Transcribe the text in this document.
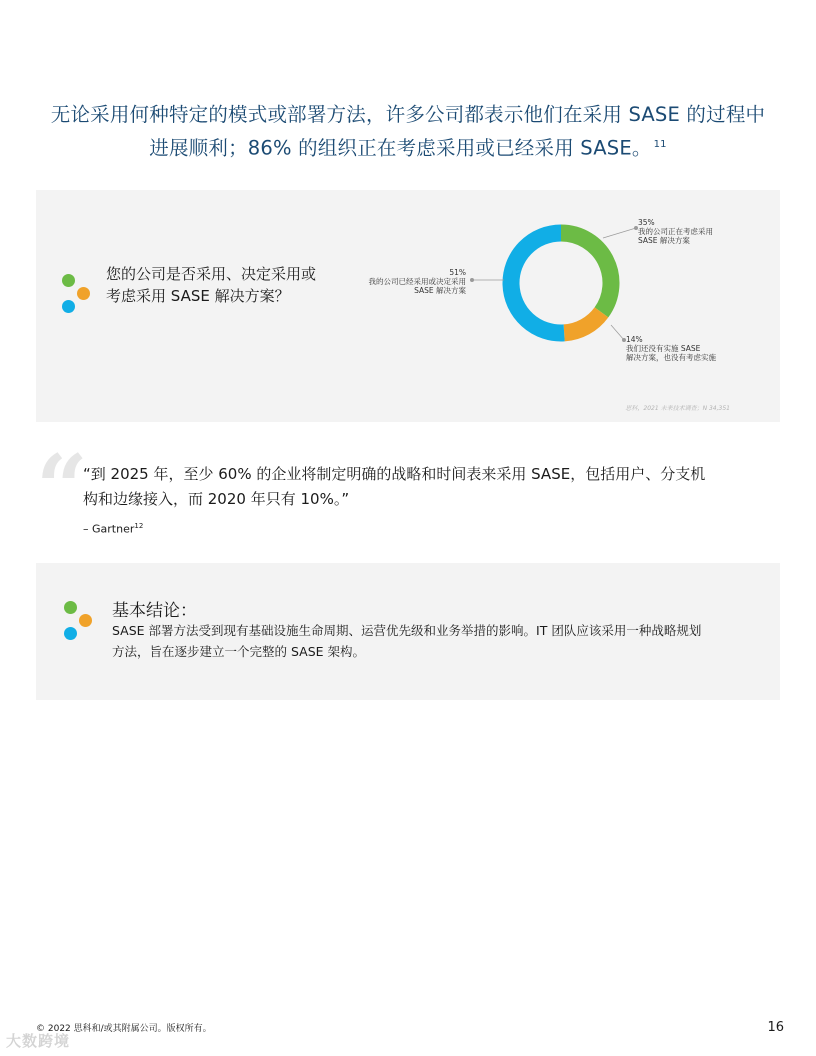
无论采用何种特定的模式或部署方法，许多公司都表示他们在采用 SASE 的过程中
进展顺利；86% 的组织正在考虑采用或已经采用 SASE。 $^{11}$
您的公司是否采用、决定采用或
考虑采用 SASE 解决方案？
35%
我的公司正在考虑采用
SASE 解决方案
51%
我的公司已经采用或决定采用
SASE 解决方案
14%
我们还没有实施 SASE
解决方案，也没有考虑实施
思科，2021 未来技术调查；N 34,351
“
“到 2025 年，至少 60% 的企业将制定明确的战略和时间表来采用 SASE，包括用户、分支机
构和边缘接入，而 2020 年只有 10%。”
– Gartner$^{12}$
基本结论：
SASE 部署方法受到现有基础设施生命周期、运营优先级和业务举措的影响。IT 团队应该采用一种战略规划
方法，旨在逐步建立一个完整的 SASE 架构。
© 2022 思科和/或其附属公司。版权所有。	16
大数跨境
